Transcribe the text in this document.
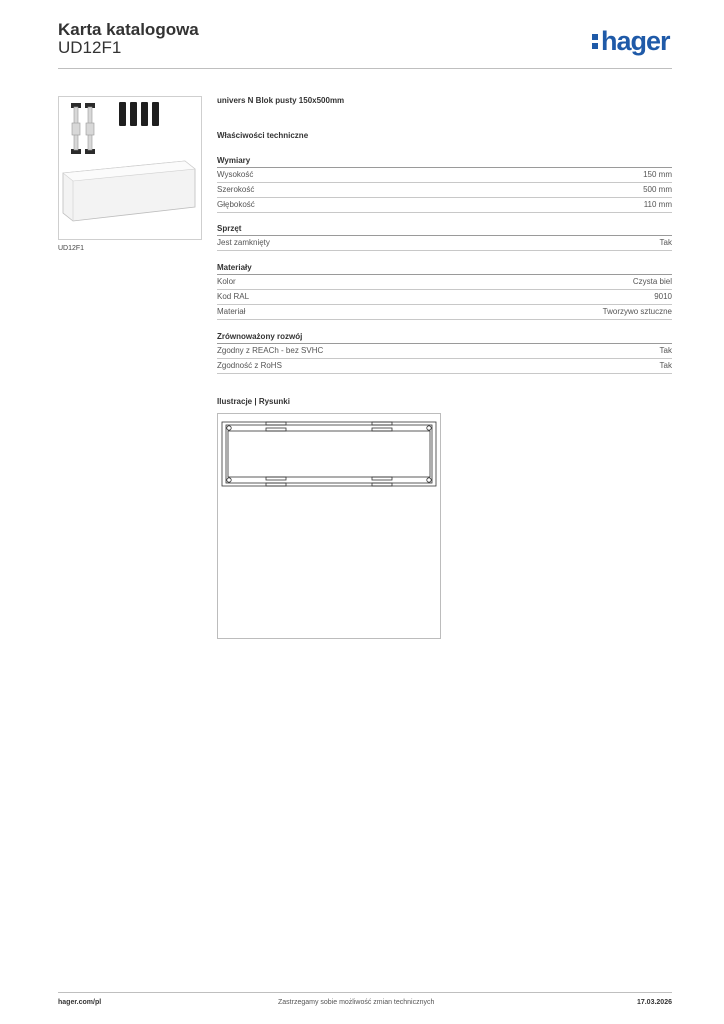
Karta katalogowa
UD12F1	hager
UD12F1
univers N Blok pusty 150x500mm
Właściwości techniczne
Wymiary
Wysokość	150 mm
Szerokość	500 mm
Głębokość	110 mm
Sprzęt
Jest zamknięty	Tak
Materiały
Kolor	Czysta biel
Kod RAL	9010
Materiał	Tworzywo sztuczne
Zrównoważony rozwój
Zgodny z REACh - bez SVHC	Tak
Zgodność z RoHS	Tak
Ilustracje | Rysunki
hager.com/pl	Zastrzegamy sobie możliwość zmian technicznych	17.03.2026
